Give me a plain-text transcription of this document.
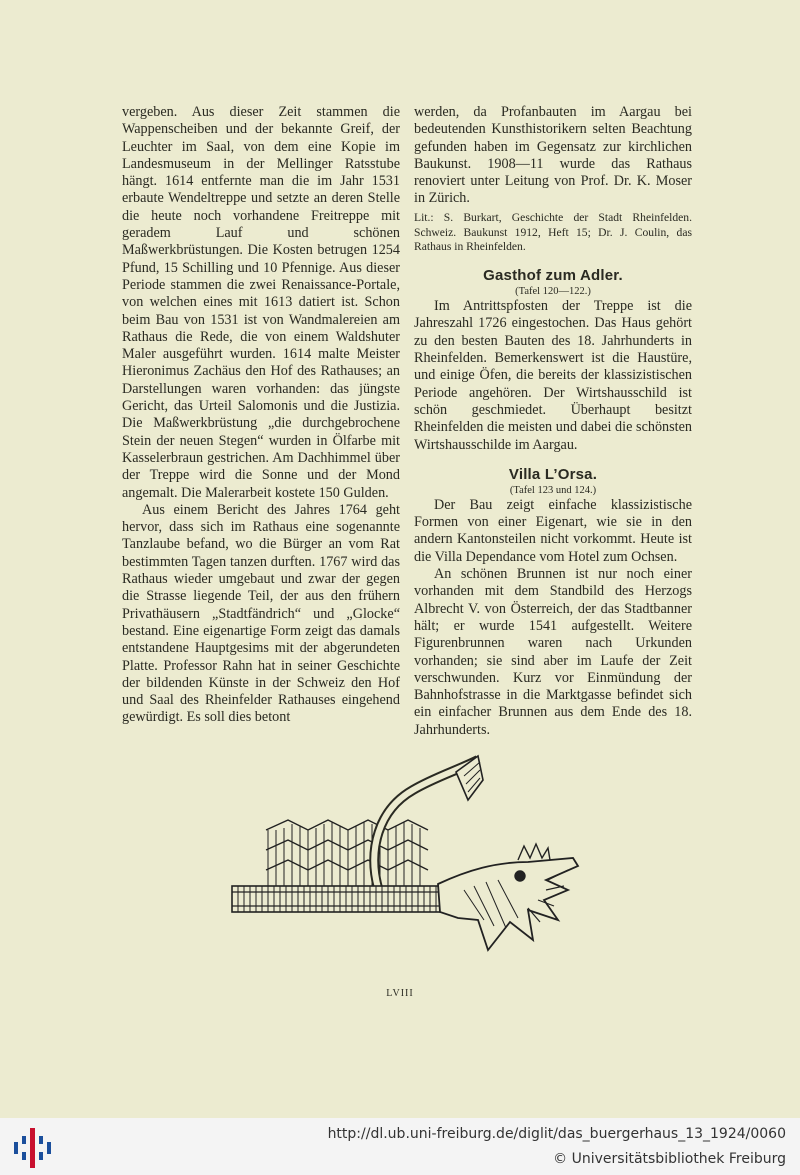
vergeben. Aus dieser Zeit stammen die Wappenscheiben und der bekannte Greif, der Leuchter im Saal, von dem eine Kopie im Landesmuseum in der Mellinger Ratsstube hängt. 1614 entfernte man die im Jahr 1531 erbaute Wendeltreppe und setzte an deren Stelle die heute noch vorhandene Freitreppe mit geradem Lauf und schönen Maßwerkbrüstungen. Die Kosten betrugen 1254 Pfund, 15 Schilling und 10 Pfennige. Aus dieser Periode stammen die zwei Renaissance-Portale, von welchen eines mit 1613 datiert ist. Schon beim Bau von 1531 ist von Wandmalereien am Rathaus die Rede, die von einem Waldshuter Maler ausgeführt wurden. 1614 malte Meister Hieronimus Zachäus den Hof des Rathauses; an Darstellungen waren vorhanden: das jüngste Gericht, das Urteil Salomonis und die Justizia. Die Maßwerkbrüstung „die durchgebrochene Stein der neuen Stegen“ wurden in Ölfarbe mit Kasselerbraun gestrichen. Am Dachhimmel über der Treppe wird die Sonne und der Mond angemalt. Die Malerarbeit kostete 150 Gulden.

Aus einem Bericht des Jahres 1764 geht hervor, dass sich im Rathaus eine sogenannte Tanzlaube befand, wo die Bürger an vom Rat bestimmten Tagen tanzen durften. 1767 wird das Rathaus wieder umgebaut und zwar der gegen die Strasse liegende Teil, der aus den frühern Privathäusern „Stadtfändrich“ und „Glocke“ bestand. Eine eigenartige Form zeigt das damals entstandene Hauptgesims mit der abgerundeten Platte. Professor Rahn hat in seiner Geschichte der bildenden Künste in der Schweiz den Hof und Saal des Rheinfelder Rathauses eingehend gewürdigt. Es soll dies betont

werden, da Profanbauten im Aargau bei bedeutenden Kunsthistorikern selten Beachtung gefunden haben im Gegensatz zur kirchlichen Baukunst. 1908—11 wurde das Rathaus renoviert unter Leitung von Prof. Dr. K. Moser in Zürich.

Lit.: S. Burkart, Geschichte der Stadt Rheinfelden. Schweiz. Baukunst 1912, Heft 15; Dr. J. Coulin, das Rathaus in Rheinfelden.

Gasthof zum Adler.

(Tafel 120—122.)

Im Antrittspfosten der Treppe ist die Jahreszahl 1726 eingestochen. Das Haus gehört zu den besten Bauten des 18. Jahrhunderts in Rheinfelden. Bemerkenswert ist die Haustüre, und einige Öfen, die bereits der klassizistischen Periode angehören. Der Wirtshausschild ist schön geschmiedet. Überhaupt besitzt Rheinfelden die meisten und dabei die schönsten Wirtshausschilde im Aargau.

Villa L’Orsa.

(Tafel 123 und 124.)

Der Bau zeigt einfache klassizistische Formen von einer Eigenart, wie sie in den andern Kantonsteilen nicht vorkommt. Heute ist die Villa Dependance vom Hotel zum Ochsen.

An schönen Brunnen ist nur noch einer vorhanden mit dem Standbild des Herzogs Albrecht V. von Österreich, der das Stadtbanner hält; er wurde 1541 aufgestellt. Weitere Figurenbrunnen waren nach Urkunden vorhanden; sie sind aber im Laufe der Zeit verschwunden. Kurz vor Einmündung der Bahnhofstrasse in die Marktgasse befindet sich ein einfacher Brunnen aus dem Ende des 18. Jahrhunderts.

LVIII
http://dl.ub.uni-freiburg.de/diglit/das_buergerhaus_13_1924/0060
© Universitätsbibliothek Freiburg
